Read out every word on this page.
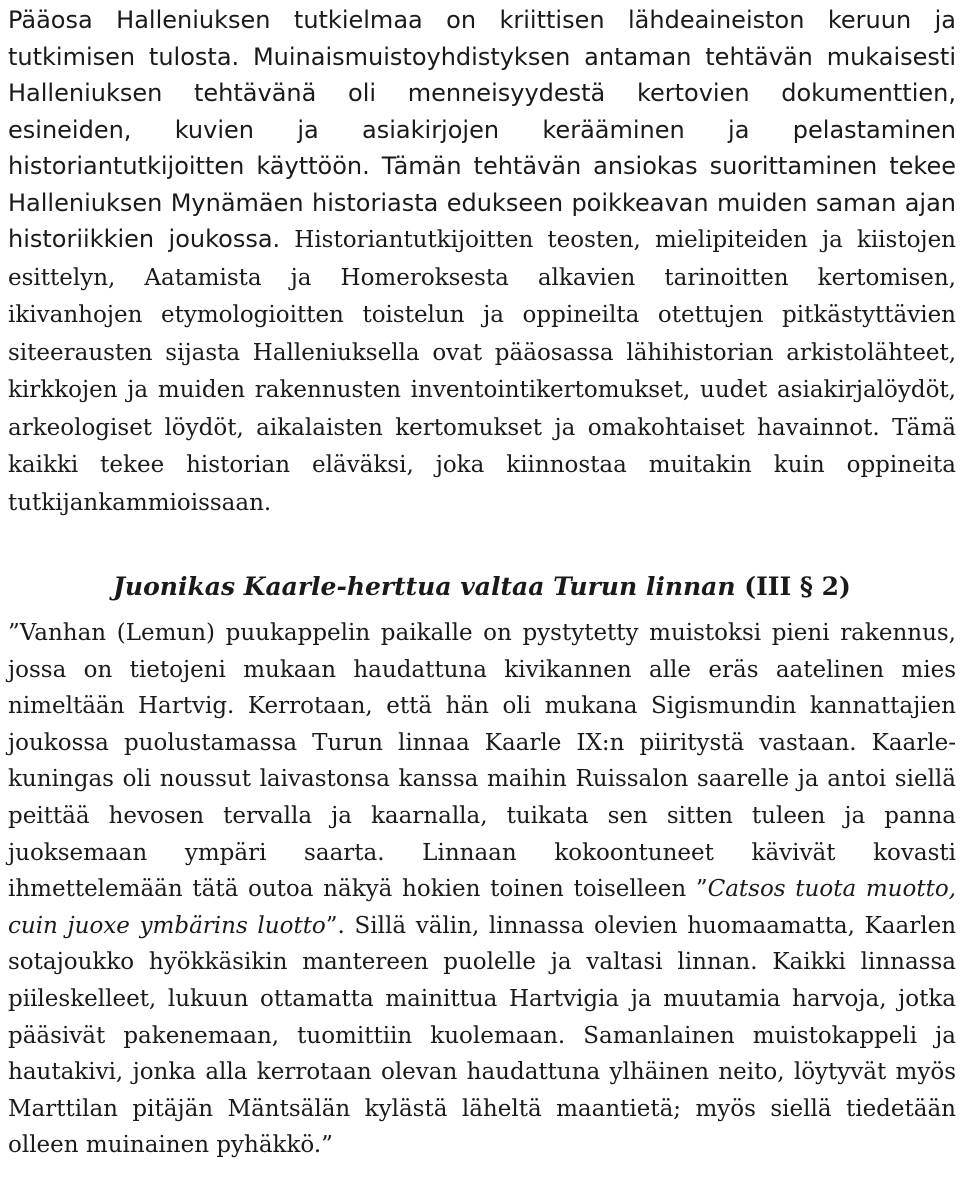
Pääosa Halleniuksen tutkielmaa on kriittisen lähdeaineiston keruun ja tutkimisen tulosta. Muinaismuistoyhdistyksen antaman tehtävän mukaisesti Halleniuksen tehtävänä oli menneisyydestä kertovien dokumenttien, esineiden, kuvien ja asiakirjojen kerääminen ja pelastaminen historiantutkijoitten käyttöön. Tämän tehtävän ansiokas suorittaminen tekee Halleniuksen Mynämäen historiasta edukseen poikkeavan muiden saman ajan historiikkien joukossa. Historiantutkijoitten teosten, mielipiteiden ja kiistojen esittelyn, Aatamista ja Homeroksesta alkavien tarinoitten kertomisen, ikivanhojen etymologioitten toistelun ja oppineilta otettujen pitkästyttävien siteerausten sijasta Halleniuksella ovat pääosassa lähihistorian arkistolähteet, kirkkojen ja muiden rakennusten inventointikertomukset, uudet asiakirjalöydöt, arkeologiset löydöt, aikalaisten kertomukset ja omakohtaiset havainnot. Tämä kaikki tekee historian eläväksi, joka kiinnostaa muitakin kuin oppineita tutkijankammioissaan.

Juonikas Kaarle-herttua valtaa Turun linnan (III § 2)

”Vanhan (Lemun) puukappelin paikalle on pystytetty muistoksi pieni rakennus, jossa on tietojeni mukaan haudattuna kivikannen alle eräs aatelinen mies nimeltään Hartvig. Kerrotaan, että hän oli mukana Sigismundin kannattajien joukossa puolustamassa Turun linnaa Kaarle IX:n piiritystä vastaan. Kaarle-kuningas oli noussut laivastonsa kanssa maihin Ruissalon saarelle ja antoi siellä peittää hevosen tervalla ja kaarnalla, tuikata sen sitten tuleen ja panna juoksemaan ympäri saarta. Linnaan kokoontuneet kävivät kovasti ihmettelemään tätä outoa näkyä hokien toinen toiselleen ”Catsos tuota muotto, cuin juoxe ymbärins luotto”. Sillä välin, linnassa olevien huomaamatta, Kaarlen sotajoukko hyökkäsikin mantereen puolelle ja valtasi linnan. Kaikki linnassa piileskelleet, lukuun ottamatta mainittua Hartvigia ja muutamia harvoja, jotka pääsivät pakenemaan, tuomittiin kuolemaan. Samanlainen muistokappeli ja hautakivi, jonka alla kerrotaan olevan haudattuna ylhäinen neito, löytyvät myös Marttilan pitäjän Mäntsälän kylästä läheltä maantietä; myös siellä tiedetään olleen muinainen pyhäkkö.”
